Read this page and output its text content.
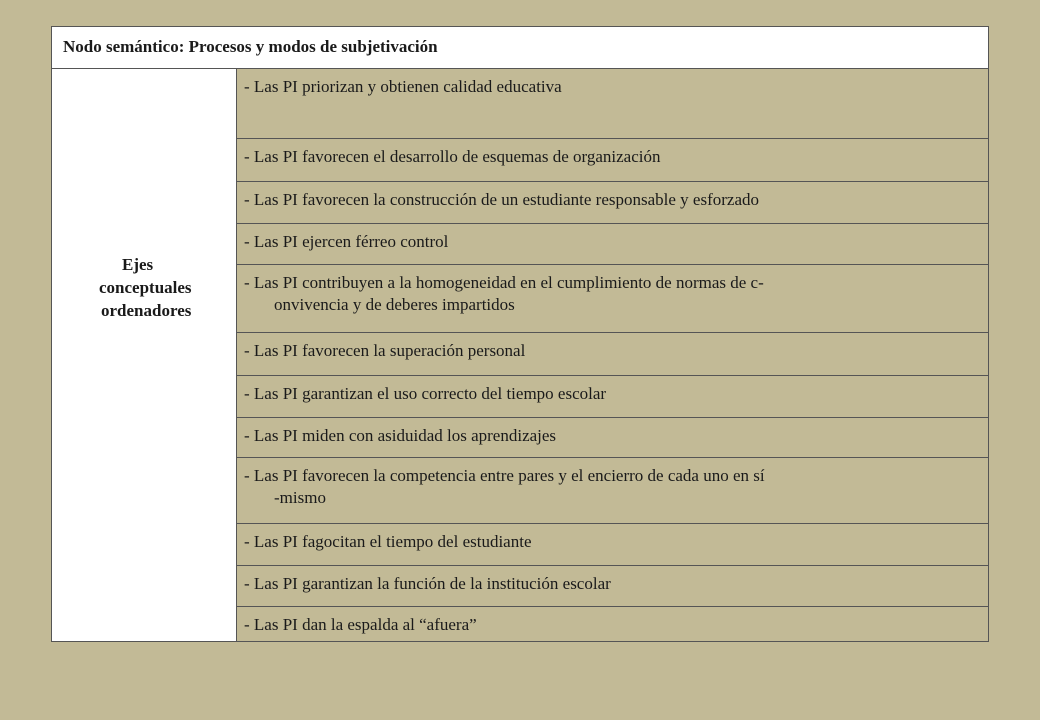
Nodo semántico: Procesos y modos de subjetivación
Ejes
conceptuales
ordenadores
- Las PI priorizan y obtienen calidad educativa
- Las PI favorecen el desarrollo de esquemas de organización
- Las PI favorecen la construcción de un estudiante responsable y esforzado
- Las PI ejercen férreo control
- Las PI contribuyen a la homogeneidad en el cumplimiento de normas de c-
onvivencia y de deberes impartidos
- Las PI favorecen la superación personal
- Las PI garantizan el uso correcto del tiempo escolar
- Las PI miden con asiduidad los aprendizajes
- Las PI favorecen la competencia entre pares y el encierro de cada uno en sí
-mismo
- Las PI fagocitan el tiempo del estudiante
- Las PI garantizan la función de la institución escolar
- Las PI dan la espalda al “afuera”
